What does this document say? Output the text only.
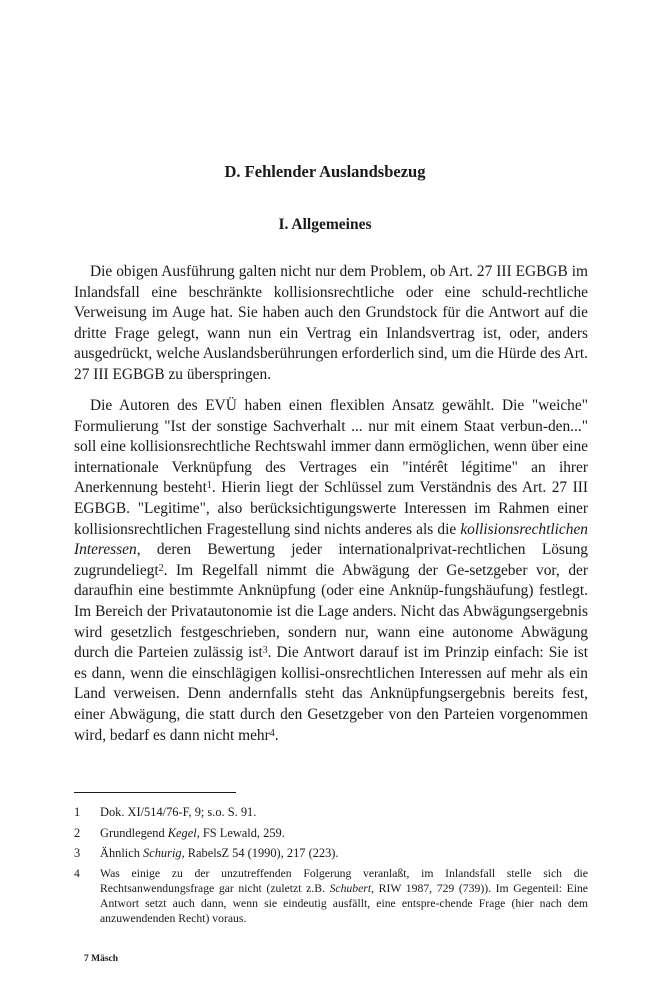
D. Fehlender Auslandsbezug
I. Allgemeines

Die obigen Ausführung galten nicht nur dem Problem, ob Art. 27 III EGBGB im Inlandsfall eine beschränkte kollisionsrechtliche oder eine schuld-rechtliche Verweisung im Auge hat. Sie haben auch den Grundstock für die Antwort auf die dritte Frage gelegt, wann nun ein Vertrag ein Inlandsvertrag ist, oder, anders ausgedrückt, welche Auslandsberührungen erforderlich sind, um die Hürde des Art. 27 III EGBGB zu überspringen.

Die Autoren des EVÜ haben einen flexiblen Ansatz gewählt. Die "weiche" Formulierung "Ist der sonstige Sachverhalt ... nur mit einem Staat verbun-den..." soll eine kollisionsrechtliche Rechtswahl immer dann ermöglichen, wenn über eine internationale Verknüpfung des Vertrages ein "intérêt légitime" an ihrer Anerkennung besteht$^1$. Hierin liegt der Schlüssel zum Verständnis des Art. 27 III EGBGB. "Legitime", also berücksichtigungswerte Interessen im Rahmen einer kollisionsrechtlichen Fragestellung sind nichts anderes als die kollisionsrechtlichen Interessen, deren Bewertung jeder internationalprivat-rechtlichen Lösung zugrundeliegt$^2$. Im Regelfall nimmt die Abwägung der Ge-setzgeber vor, der daraufhin eine bestimmte Anknüpfung (oder eine Anknüp-fungshäufung) festlegt. Im Bereich der Privatautonomie ist die Lage anders. Nicht das Abwägungsergebnis wird gesetzlich festgeschrieben, sondern nur, wann eine autonome Abwägung durch die Parteien zulässig ist$^3$. Die Antwort darauf ist im Prinzip einfach: Sie ist es dann, wenn die einschlägigen kollisi-onsrechtlichen Interessen auf mehr als ein Land verweisen. Denn andernfalls steht das Anknüpfungsergebnis bereits fest, einer Abwägung, die statt durch den Gesetzgeber von den Parteien vorgenommen wird, bedarf es dann nicht mehr$^4$.

1	Dok. XI/514/76-F, 9; s.o. S. 91.
2	Grundlegend Kegel, FS Lewald, 259.
3	Ähnlich Schurig, RabelsZ 54 (1990), 217 (223).
4	Was einige zu der unzutreffenden Folgerung veranlaßt, im Inlandsfall stelle sich die Rechtsanwendungsfrage gar nicht (zuletzt z.B. Schubert, RIW 1987, 729 (739)). Im Gegenteil: Eine Antwort setzt auch dann, wenn sie eindeutig ausfällt, eine entspre-chende Frage (hier nach dem anzuwendenden Recht) voraus.
7 Mäsch
